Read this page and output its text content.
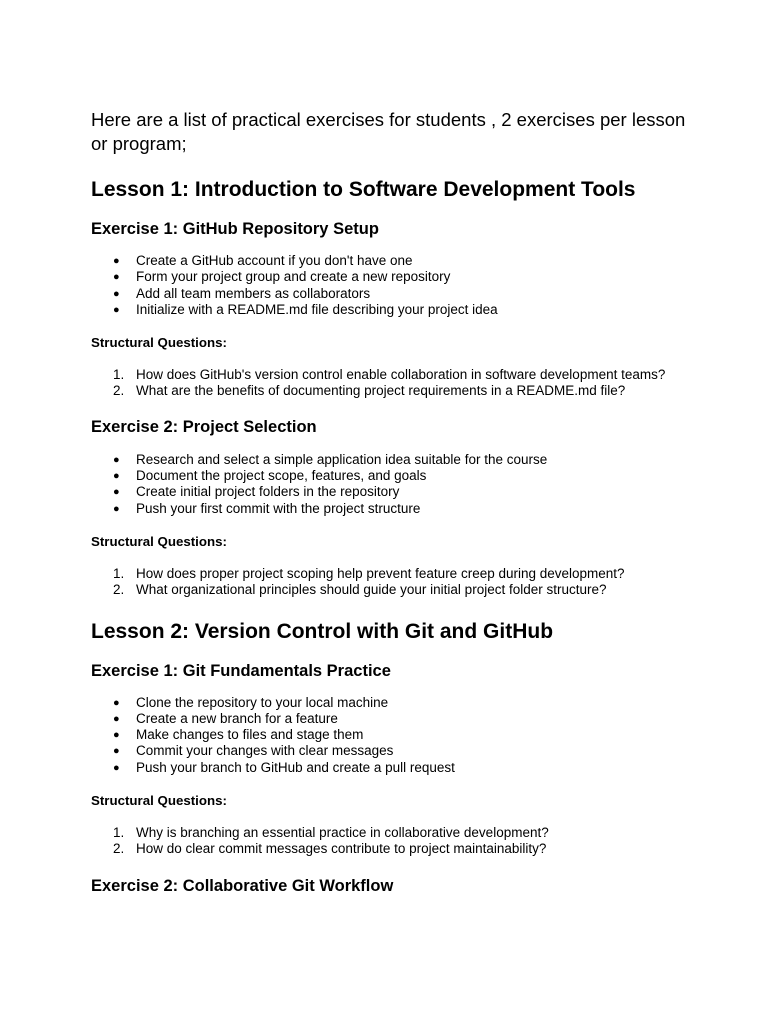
Here are a list of practical exercises for students , 2 exercises per lesson or program;

Lesson 1: Introduction to Software Development Tools
Exercise 1: GitHub Repository Setup
● Create a GitHub account if you don't have one
● Form your project group and create a new repository
● Add all team members as collaborators
● Initialize with a README.md file describing your project idea

Structural Questions:

1. How does GitHub's version control enable collaboration in software development teams?
2. What are the benefits of documenting project requirements in a README.md file?
Exercise 2: Project Selection
● Research and select a simple application idea suitable for the course
● Document the project scope, features, and goals
● Create initial project folders in the repository
● Push your first commit with the project structure

Structural Questions:

1. How does proper project scoping help prevent feature creep during development?
2. What organizational principles should guide your initial project folder structure?
Lesson 2: Version Control with Git and GitHub
Exercise 1: Git Fundamentals Practice
● Clone the repository to your local machine
● Create a new branch for a feature
● Make changes to files and stage them
● Commit your changes with clear messages
● Push your branch to GitHub and create a pull request

Structural Questions:

1. Why is branching an essential practice in collaborative development?
2. How do clear commit messages contribute to project maintainability?
Exercise 2: Collaborative Git Workflow
